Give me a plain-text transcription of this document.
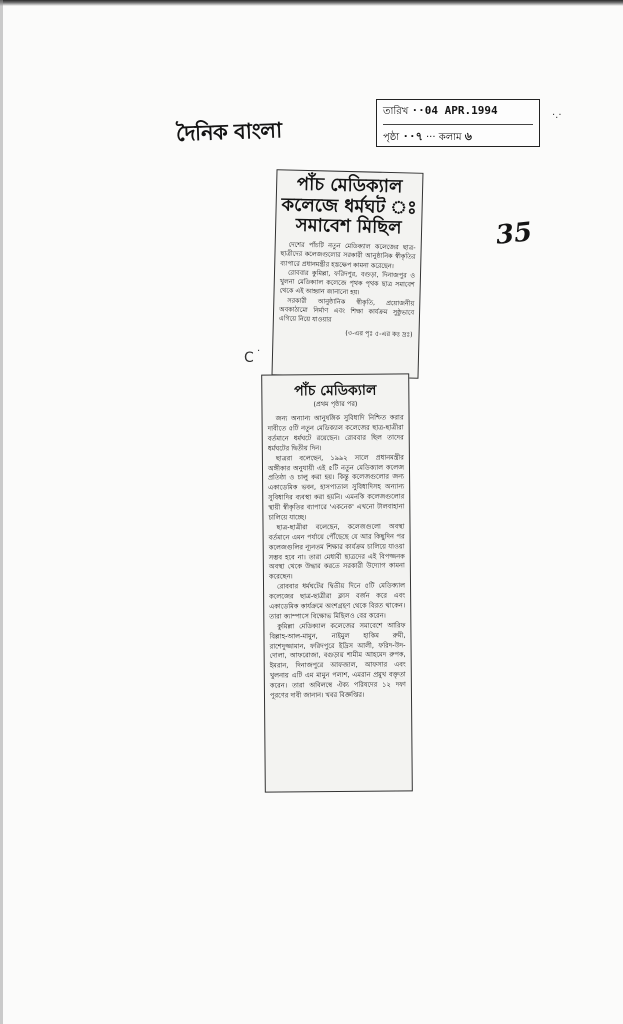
দৈনিক বাংলা
তারিখ ··04 APR.1994
পৃষ্ঠা ··৭ ··· কলাম ৬
35
C ·
·.·
পাঁচ মেডিক্যাল
কলেজে ধর্মঘট ঃ
সমাবেশ মিছিল

দেশের পাঁচটি নতুন মেডিক্যাল কলেজের ছাত্র-ছাত্রীদের কলেজগুলোর সরকারী আনুষ্ঠানিক স্বীকৃতির ব্যাপারে প্রধানমন্ত্রীর হস্তক্ষেপ কামনা করেছেন।

রোববার কুমিল্লা, ফরিদপুর, বগুড়া, দিনাজপুর ও খুলনা মেডিক্যাল কলেজে পৃথক পৃথক ছাত্র সমাবেশ থেকে এই আহ্বান জানানো হয়।

সরকারী আনুষ্ঠানিক স্বীকৃতি, প্রয়োজনীয় অবকাঠামো নির্মাণ এবং শিক্ষা কার্যক্রম সুষ্ঠুভাবে এগিয়ে নিয়ে যাওয়ার

(৩-এর পৃঃ ৫-এর কঃ দ্রঃ)
পাঁচ মেডিক্যাল
(প্রথম পৃষ্ঠার পর)

জন্য অন্যান্য আনুষঙ্গিক সুবিধাদি নিশ্চিত করার দাবীতে ৫টি নতুন মেডিক্যাল কলেজের ছাত্র-ছাত্রীরা বর্তমানে ধর্মঘটে রয়েছেন। রোববার ছিল তাদের ধর্মঘটের দ্বিতীয় দিন।

ছাত্ররা বলেছেন, ১৯৯২ সালে প্রধানমন্ত্রীর অঙ্গীকার অনুযায়ী এই ৫টি নতুন মেডিক্যাল কলেজ প্রতিষ্ঠা ও চালু করা হয়। কিন্তু কলেজগুলোর জন্য একাডেমিক ভবন, হাসপাতাল সুবিধাদিসহ অন্যান্য সুবিধাদির ব্যবস্থা করা হয়নি। এমনকি কলেজগুলোর স্থায়ী স্বীকৃতির ব্যাপারে 'একনেক' এখনো টালবাহানা চালিয়ে যাচ্ছে।

ছাত্র-ছাত্রীরা বলেছেন, কলেজগুলো অবস্থা বর্তমানে এমন পর্যায়ে পৌঁছেছে যে আর কিছুদিন পর কলেজগুলির ন্যূনতম শিক্ষার কার্যক্রম চালিয়ে যাওয়া সম্ভব হবে না। তারা মেধাবী ছাত্রদের এই বিপজ্জনক অবস্থা থেকে উদ্ধার করতে সরকারী উদ্যোগ কামনা করেছেন।

রোববার ধর্মঘটের দ্বিতীয় দিনে ৫টি মেডিক্যাল কলেজের ছাত্র-ছাত্রীরা ক্লাস বর্জন করে এবং একাডেমিক কার্যক্রমে অংশগ্রহণ থেকে বিরত থাকেন। তারা ক্যাম্পাসে বিক্ষোভ মিছিলও বের করেন।

কুমিল্লা মেডিক্যাল কলেজের সমাবেশে আরিফ বিল্লাহ-আল-মামুন, নাইমুল হাকিম রুমী, রাশেদুজ্জামান, ফরিদপুরে ইদ্রিস আলী, ফরিদ-উদ-দোলা, আফরোজা, বগুড়ায় শামীম আহমেদ রুপক, ইমরান, দিনাজপুরে আফজাল, আফসার এবং খুলনায় এটি এম মামুন পলাশ, এমরান প্রমুখ বক্তৃতা করেন। তারা অবিলম্বে ঐক্য পরিষদের ১২ দফা পূরণের দাবী জানান। খবর বিজ্ঞপ্তির।
